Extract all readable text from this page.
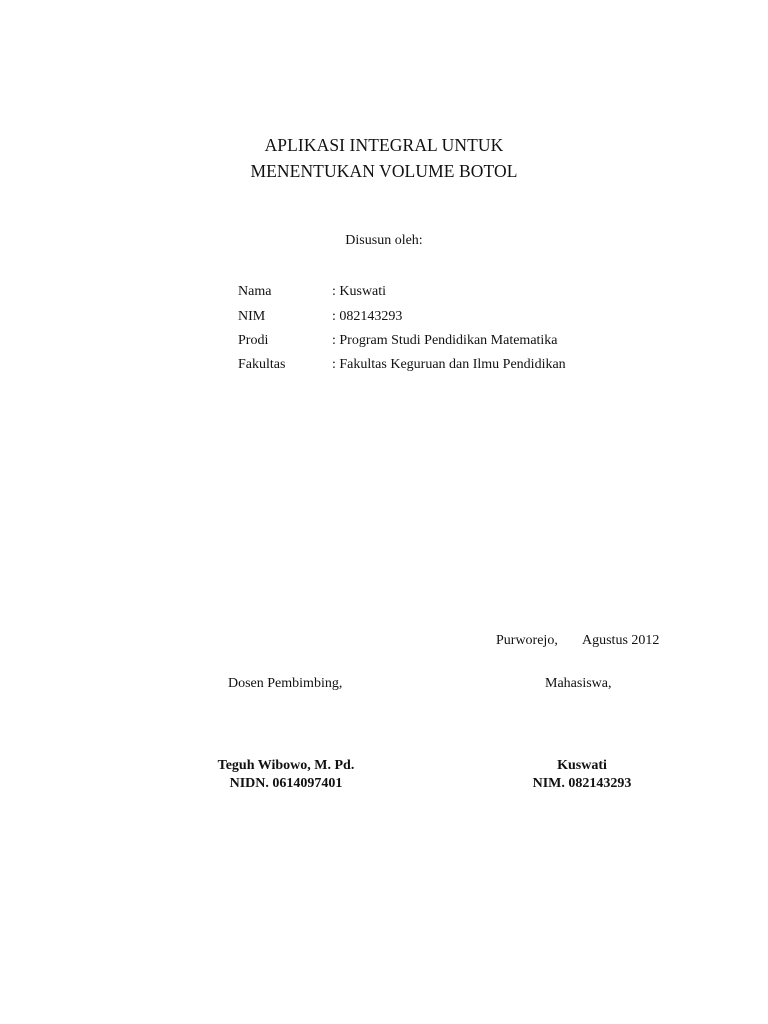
APLIKASI INTEGRAL UNTUK
MENENTUKAN VOLUME BOTOL
Disusun oleh:
Nama	: Kuswati
NIM	: 082143293
Prodi	: Program Studi Pendidikan Matematika
Fakultas	: Fakultas Keguruan dan Ilmu Pendidikan
Purworejo, Agustus 2012
Dosen Pembimbing,	Mahasiswa,
Teguh Wibowo, M. Pd.
NIDN. 0614097401
Kuswati
NIM. 082143293
